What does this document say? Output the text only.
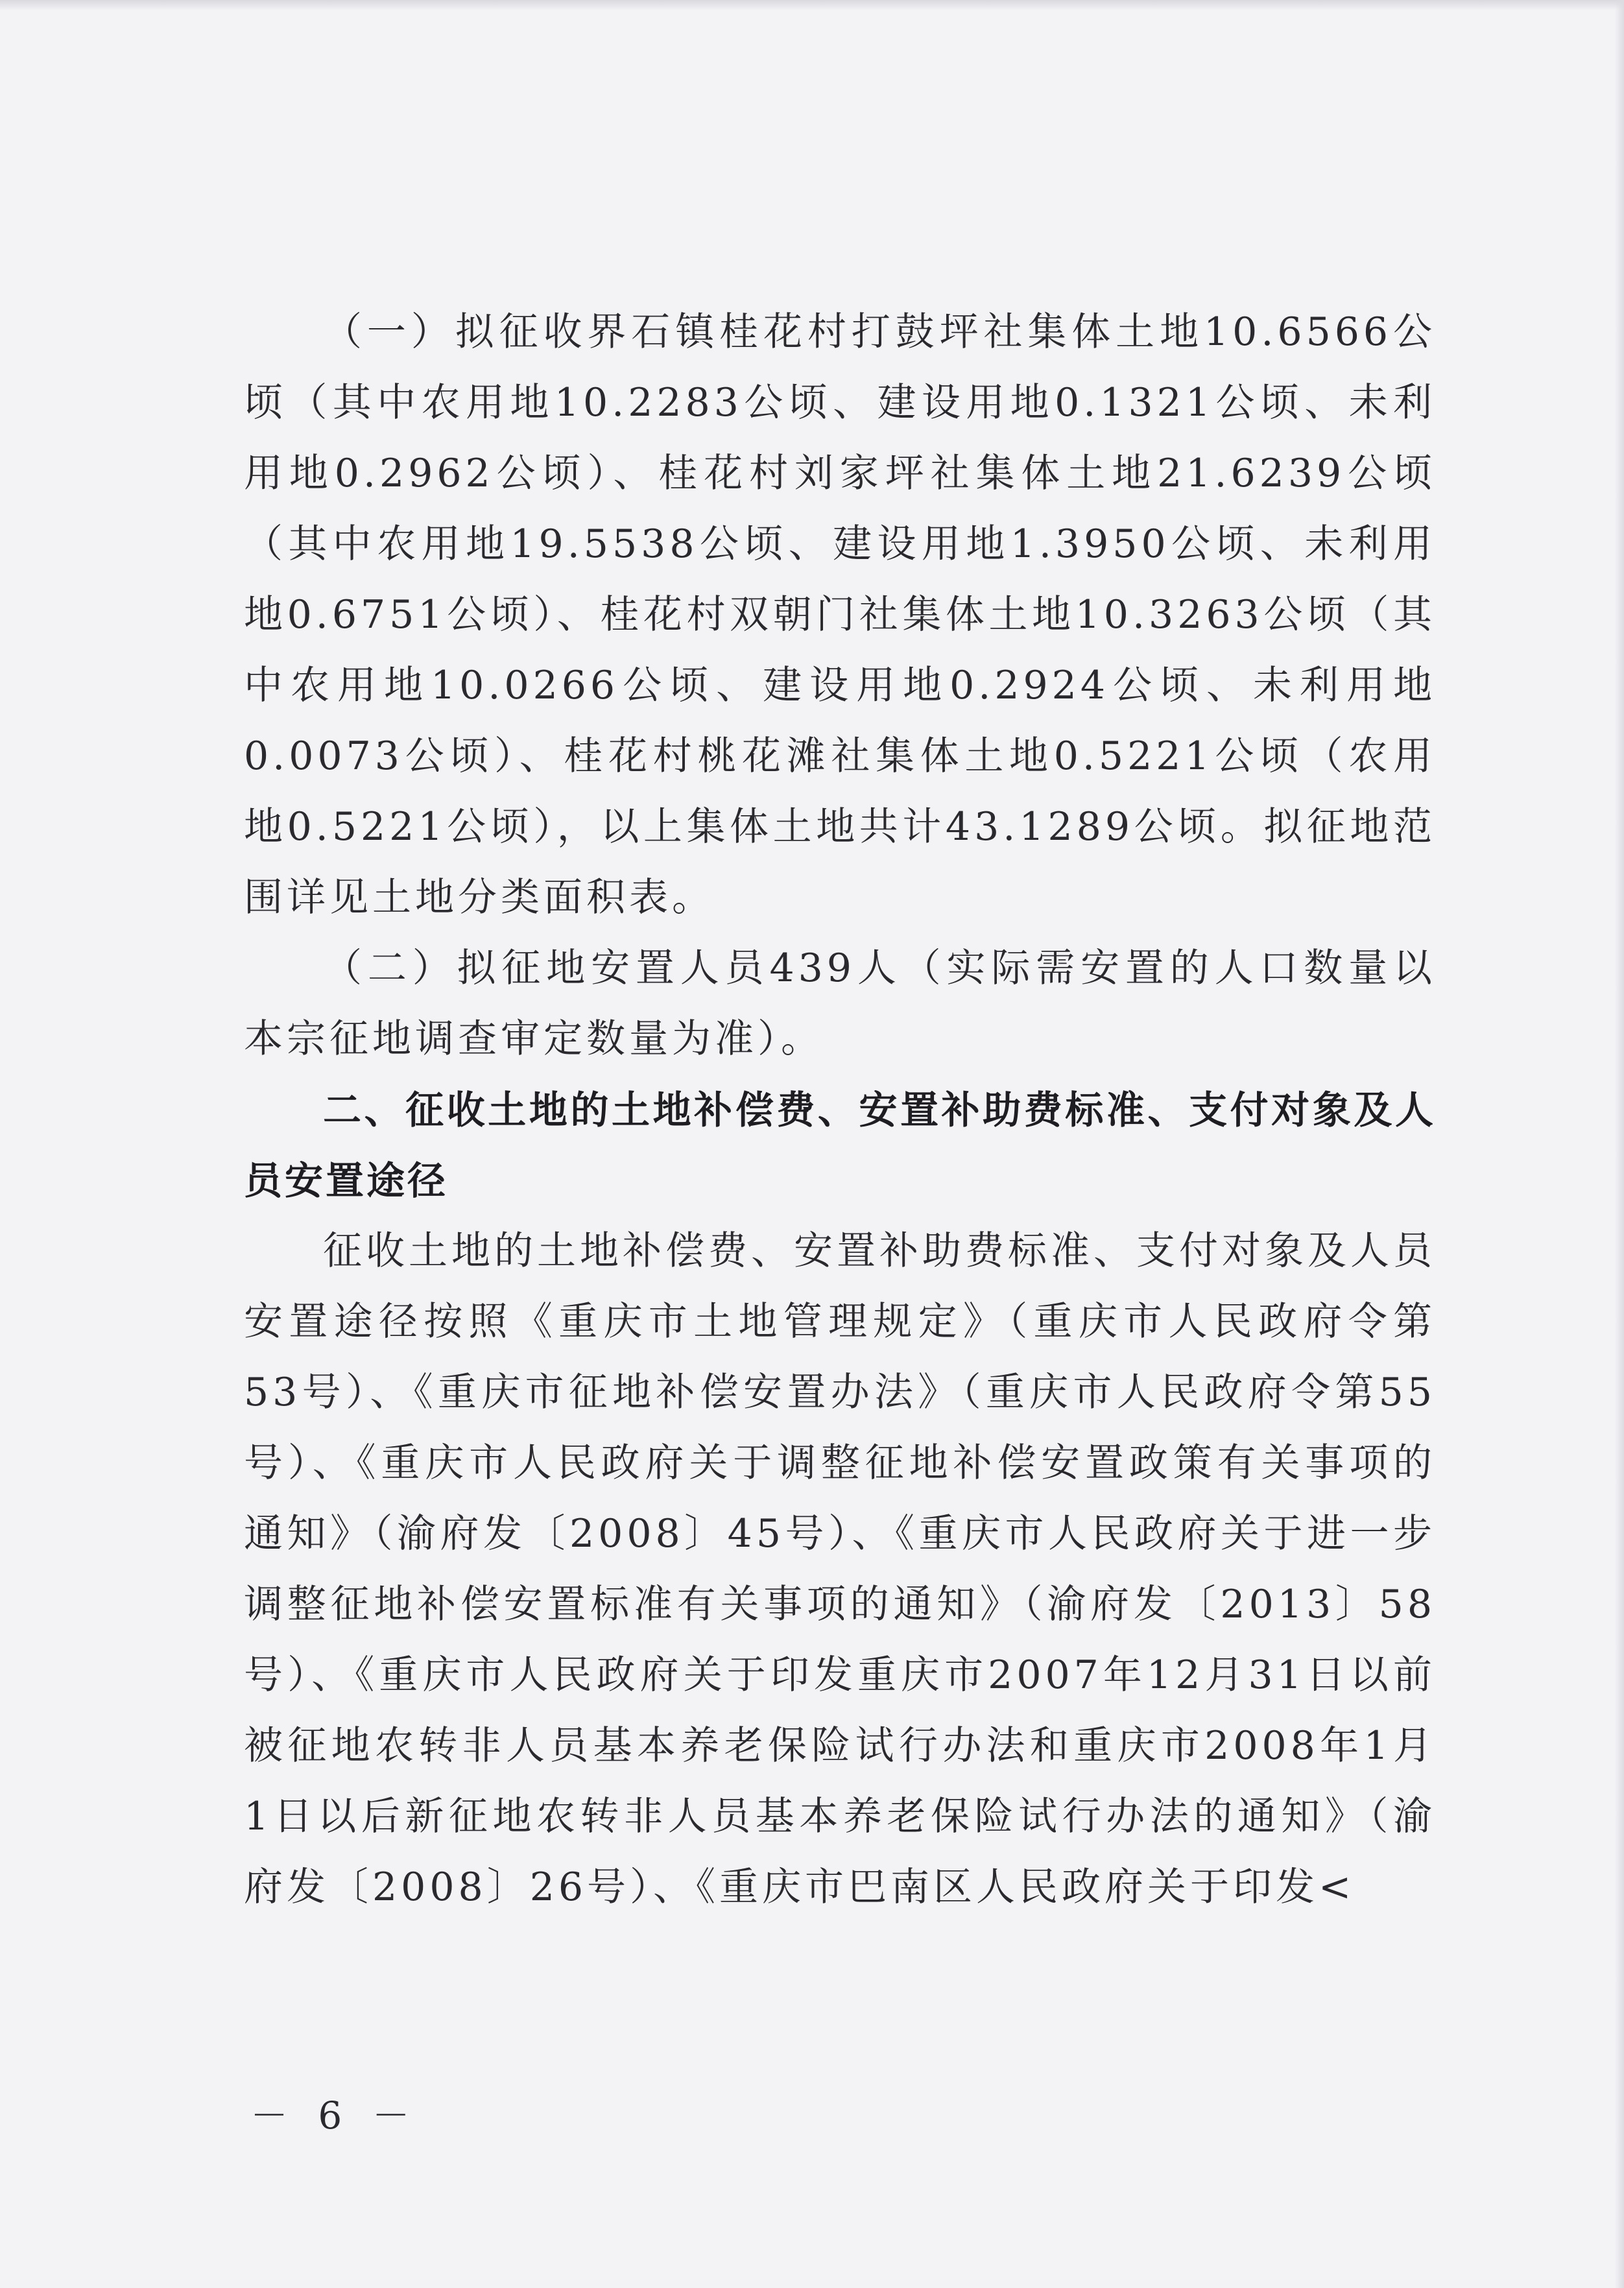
（一）拟征收界石镇桂花村打鼓坪社集体土地10.6566公顷（其中农用地10.2283公顷、建设用地0.1321公顷、未利用地0.2962公顷）、桂花村刘家坪社集体土地21.6239公顷（其中农用地19.5538公顷、建设用地1.3950公顷、未利用地0.6751公顷）、桂花村双朝门社集体土地10.3263公顷（其中农用地10.0266公顷、建设用地0.2924公顷、未利用地0.0073公顷）、桂花村桃花滩社集体土地0.5221公顷（农用地0.5221公顷），以上集体土地共计43.1289公顷。拟征地范围详见土地分类面积表。

（二）拟征地安置人员439人（实际需安置的人口数量以本宗征地调查审定数量为准）。

二、征收土地的土地补偿费、安置补助费标准、支付对象及人员安置途径

征收土地的土地补偿费、安置补助费标准、支付对象及人员安置途径按照《重庆市土地管理规定》（重庆市人民政府令第53号）、《重庆市征地补偿安置办法》（重庆市人民政府令第55号）、《重庆市人民政府关于调整征地补偿安置政策有关事项的通知》（渝府发〔2008〕45号）、《重庆市人民政府关于进一步调整征地补偿安置标准有关事项的通知》（渝府发〔2013〕58号）、《重庆市人民政府关于印发重庆市2007年12月31日以前被征地农转非人员基本养老保险试行办法和重庆市2008年1月1日以后新征地农转非人员基本养老保险试行办法的通知》（渝府发〔2008〕26号）、《重庆市巴南区人民政府关于印发<

－ 6 －
